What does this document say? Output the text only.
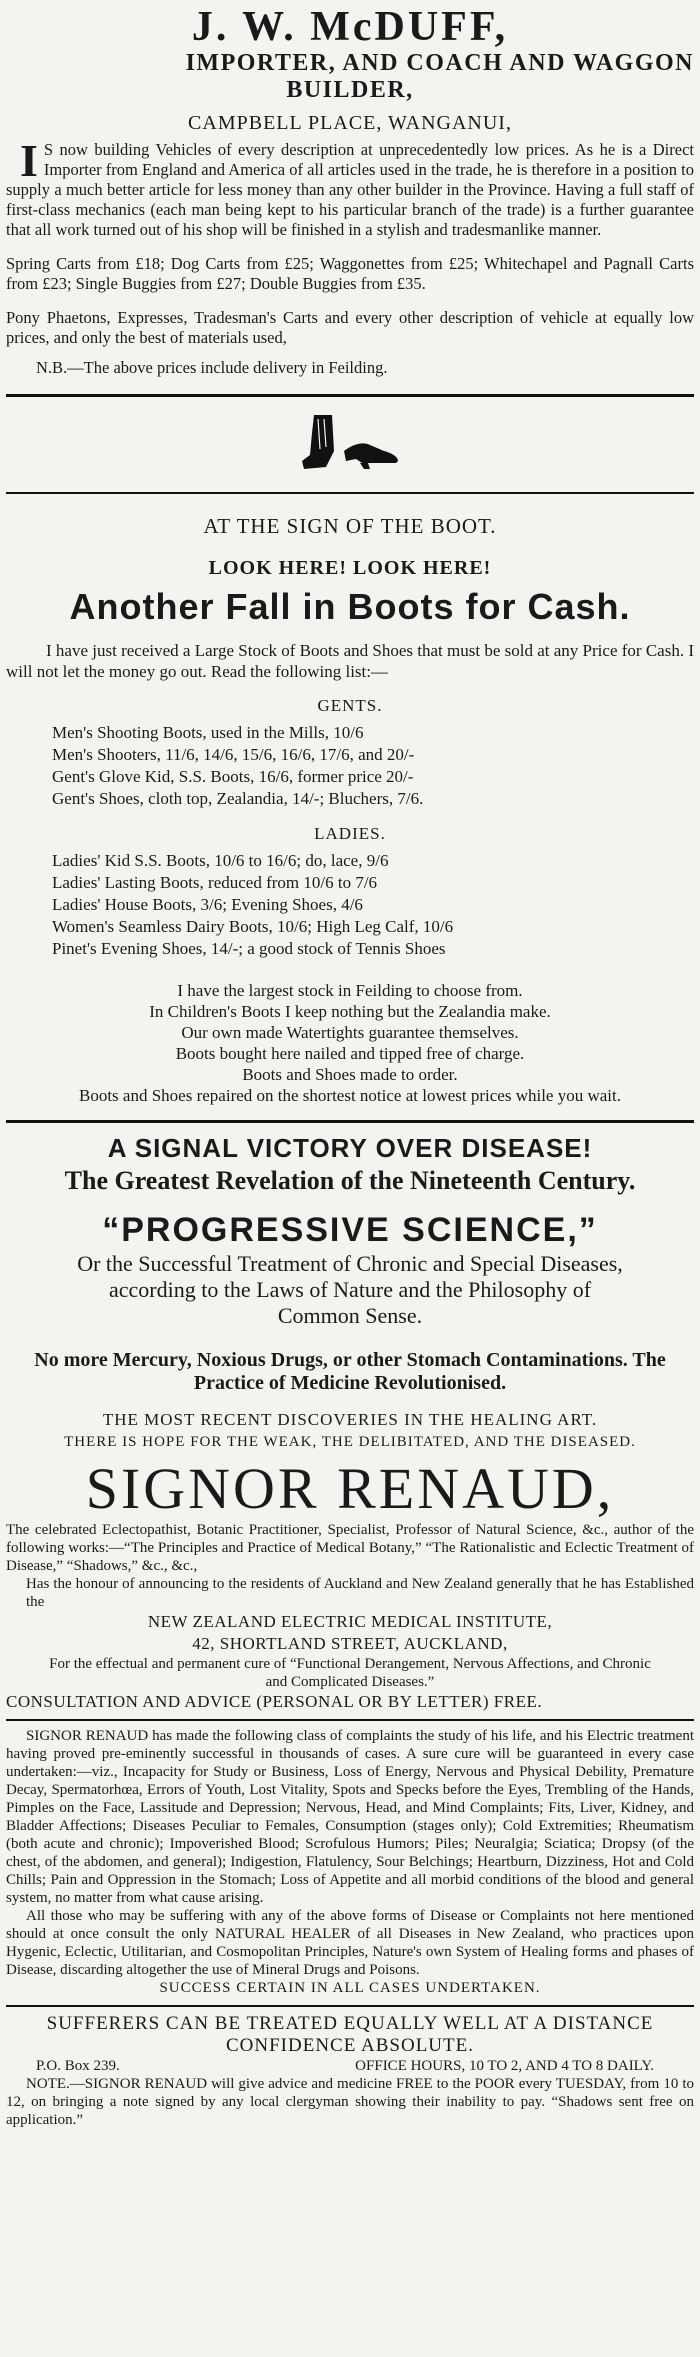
J. W. McDUFF,

IMPORTER, AND COACH AND WAGGON

BUILDER,

CAMPBELL PLACE, WANGANUI,

I S now building Vehicles of every description at unprecedentedly low prices. As he is a Direct Importer from England and America of all articles used in the trade, he is therefore in a position to supply a much better article for less money than any other builder in the Province. Having a full staff of first-class mechanics (each man being kept to his particular branch of the trade) is a further guarantee that all work turned out of his shop will be finished in a stylish and tradesmanlike manner.

Spring Carts from £18; Dog Carts from £25; Waggonettes from £25; Whitechapel and Pagnall Carts from £23; Single Buggies from £27; Double Buggies from £35.

Pony Phaetons, Expresses, Tradesman's Carts and every other description of vehicle at equally low prices, and only the best of materials used,

N.B.—The above prices include delivery in Feilding.

AT THE SIGN OF THE BOOT.

LOOK HERE! LOOK HERE!

Another Fall in Boots for Cash.

I have just received a Large Stock of Boots and Shoes that must be sold at any Price for Cash. I will not let the money go out. Read the following list:—

GENTS.

Men's Shooting Boots, used in the Mills, 10/6

Men's Shooters, 11/6, 14/6, 15/6, 16/6, 17/6, and 20/-

Gent's Glove Kid, S.S. Boots, 16/6, former price 20/-

Gent's Shoes, cloth top, Zealandia, 14/-; Bluchers, 7/6.

LADIES.

Ladies' Kid S.S. Boots, 10/6 to 16/6; do, lace, 9/6

Ladies' Lasting Boots, reduced from 10/6 to 7/6

Ladies' House Boots, 3/6; Evening Shoes, 4/6

Women's Seamless Dairy Boots, 10/6; High Leg Calf, 10/6

Pinet's Evening Shoes, 14/-; a good stock of Tennis Shoes

I have the largest stock in Feilding to choose from.

In Children's Boots I keep nothing but the Zealandia make.

Our own made Watertights guarantee themselves.

Boots bought here nailed and tipped free of charge.

Boots and Shoes made to order.

Boots and Shoes repaired on the shortest notice at lowest prices while you wait.

A SIGNAL VICTORY OVER DISEASE!

The Greatest Revelation of the Nineteenth Century.

“PROGRESSIVE SCIENCE,”

Or the Successful Treatment of Chronic and Special Diseases, according to the Laws of Nature and the Philosophy of Common Sense.

No more Mercury, Noxious Drugs, or other Stomach Contaminations. The Practice of Medicine Revolutionised.

THE MOST RECENT DISCOVERIES IN THE HEALING ART.

THERE IS HOPE FOR THE WEAK, THE DELIBITATED, AND THE DISEASED.

SIGNOR RENAUD,

The celebrated Eclectopathist, Botanic Practitioner, Specialist, Professor of Natural Science, &c., author of the following works:—“The Principles and Practice of Medical Botany,” “The Rationalistic and Eclectic Treatment of Disease,” “Shadows,” &c., &c.,

Has the honour of announcing to the residents of Auckland and New Zealand generally that he has Established the

NEW ZEALAND ELECTRIC MEDICAL INSTITUTE,

42, SHORTLAND STREET, AUCKLAND,

For the effectual and permanent cure of “Functional Derangement, Nervous Affections, and Chronic and Complicated Diseases.”

CONSULTATION AND ADVICE (PERSONAL OR BY LETTER) FREE.

SIGNOR RENAUD has made the following class of complaints the study of his life, and his Electric treatment having proved pre-eminently successful in thousands of cases. A sure cure will be guaranteed in every case undertaken:—viz., Incapacity for Study or Business, Loss of Energy, Nervous and Physical Debility, Premature Decay, Spermatorhœa, Errors of Youth, Lost Vitality, Spots and Specks before the Eyes, Trembling of the Hands, Pimples on the Face, Lassitude and Depression; Nervous, Head, and Mind Complaints; Fits, Liver, Kidney, and Bladder Affections; Diseases Peculiar to Females, Consumption (stages only); Cold Extremities; Rheumatism (both acute and chronic); Impoverished Blood; Scrofulous Humors; Piles; Neuralgia; Sciatica; Dropsy (of the chest, of the abdomen, and general); Indigestion, Flatulency, Sour Belchings; Heartburn, Dizziness, Hot and Cold Chills; Pain and Oppression in the Stomach; Loss of Appetite and all morbid conditions of the blood and general system, no matter from what cause arising.

All those who may be suffering with any of the above forms of Disease or Complaints not here mentioned should at once consult the only NATURAL HEALER of all Diseases in New Zealand, who practices upon Hygenic, Eclectic, Utilitarian, and Cosmopolitan Principles, Nature's own System of Healing forms and phases of Disease, discarding altogether the use of Mineral Drugs and Poisons.

SUCCESS CERTAIN IN ALL CASES UNDERTAKEN.

SUFFERERS CAN BE TREATED EQUALLY WELL AT A DISTANCE CONFIDENCE ABSOLUTE.

P.O. Box 239.	OFFICE HOURS, 10 TO 2, AND 4 TO 8 DAILY.

NOTE.—SIGNOR RENAUD will give advice and medicine FREE to the POOR every TUESDAY, from 10 to 12, on bringing a note signed by any local clergyman showing their inability to pay. “Shadows sent free on application.”
